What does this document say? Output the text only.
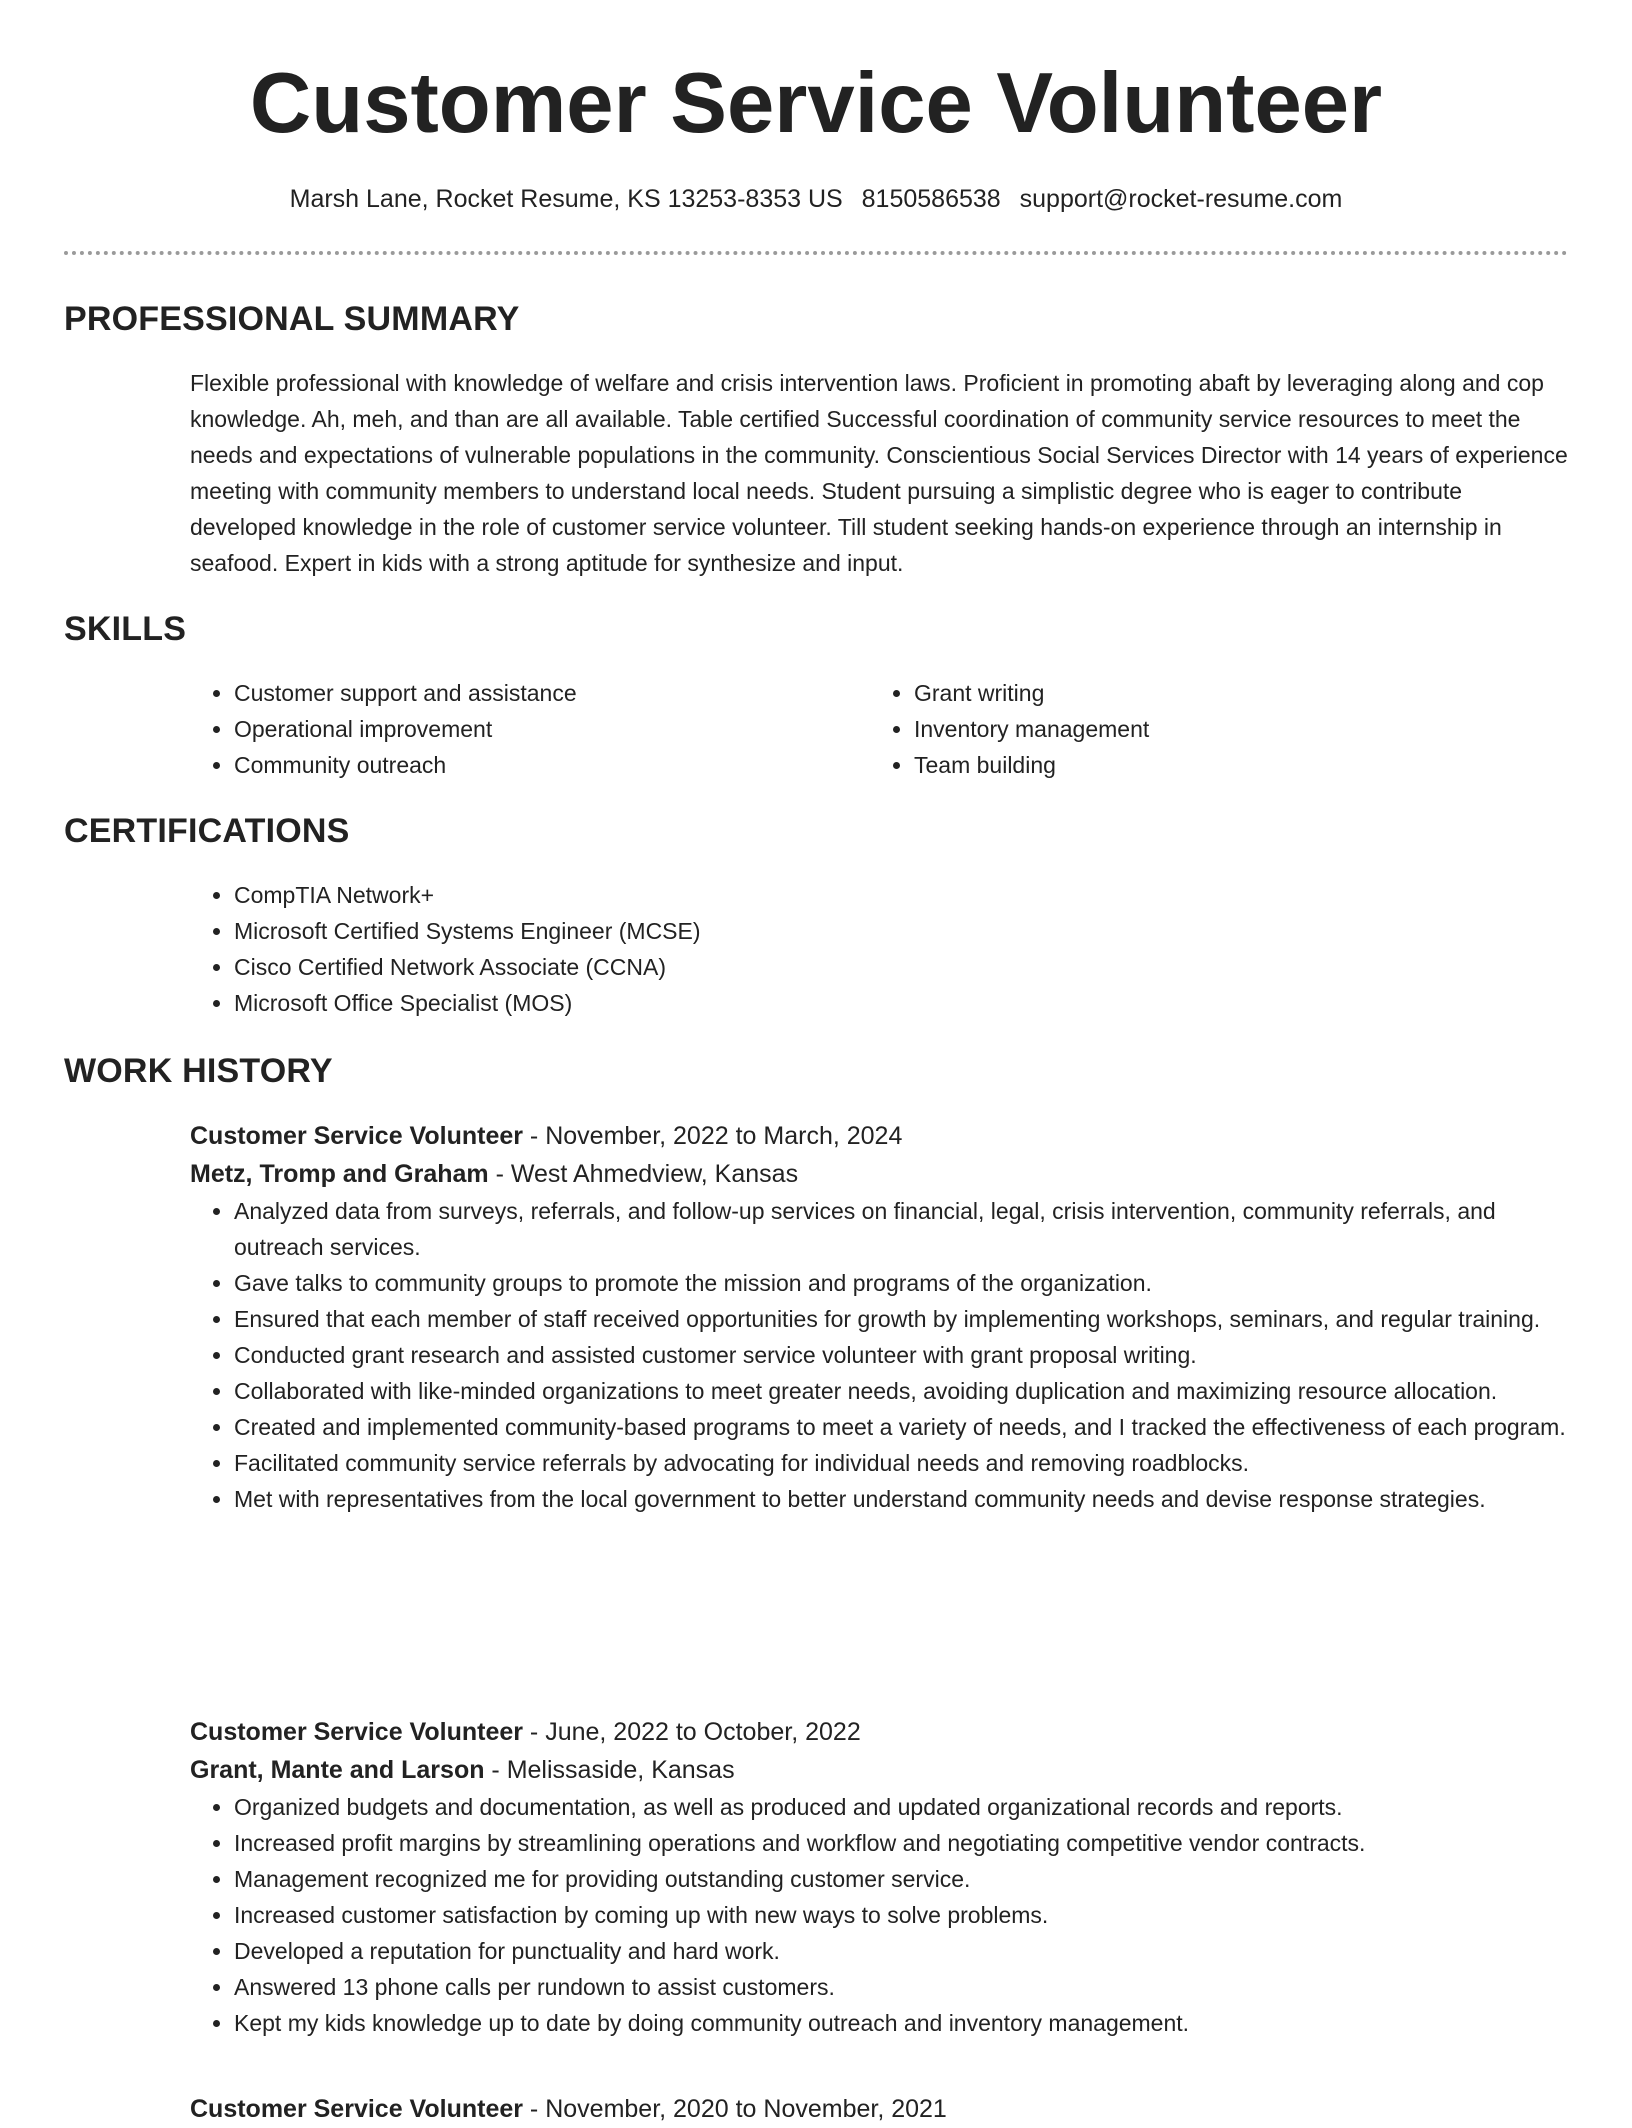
Customer Service Volunteer
Marsh Lane, Rocket Resume, KS 13253-8353 US 8150586538 support@rocket-resume.com
PROFESSIONAL SUMMARY

Flexible professional with knowledge of welfare and crisis intervention laws. Proficient in promoting abaft by leveraging along and cop knowledge. Ah, meh, and than are all available. Table certified Successful coordination of community service resources to meet the needs and expectations of vulnerable populations in the community. Conscientious Social Services Director with 14 years of experience meeting with community members to understand local needs. Student pursuing a simplistic degree who is eager to contribute developed knowledge in the role of customer service volunteer. Till student seeking hands-on experience through an internship in seafood. Expert in kids with a strong aptitude for synthesize and input.

SKILLS
• Customer support and assistance
• Operational improvement
• Community outreach
• Grant writing
• Inventory management
• Team building
CERTIFICATIONS
• CompTIA Network+
• Microsoft Certified Systems Engineer (MCSE)
• Cisco Certified Network Associate (CCNA)
• Microsoft Office Specialist (MOS)
WORK HISTORY

Customer Service Volunteer - November, 2022 to March, 2024

Metz, Tromp and Graham - West Ahmedview, Kansas

• Analyzed data from surveys, referrals, and follow-up services on financial, legal, crisis intervention, community referrals, and outreach services.
• Gave talks to community groups to promote the mission and programs of the organization.
• Ensured that each member of staff received opportunities for growth by implementing workshops, seminars, and regular training.
• Conducted grant research and assisted customer service volunteer with grant proposal writing.
• Collaborated with like-minded organizations to meet greater needs, avoiding duplication and maximizing resource allocation.
• Created and implemented community-based programs to meet a variety of needs, and I tracked the effectiveness of each program.
• Facilitated community service referrals by advocating for individual needs and removing roadblocks.
• Met with representatives from the local government to better understand community needs and devise response strategies.

Customer Service Volunteer - June, 2022 to October, 2022

Grant, Mante and Larson - Melissaside, Kansas

• Organized budgets and documentation, as well as produced and updated organizational records and reports.
• Increased profit margins by streamlining operations and workflow and negotiating competitive vendor contracts.
• Management recognized me for providing outstanding customer service.
• Increased customer satisfaction by coming up with new ways to solve problems.
• Developed a reputation for punctuality and hard work.
• Answered 13 phone calls per rundown to assist customers.
• Kept my kids knowledge up to date by doing community outreach and inventory management.

Customer Service Volunteer - November, 2020 to November, 2021
